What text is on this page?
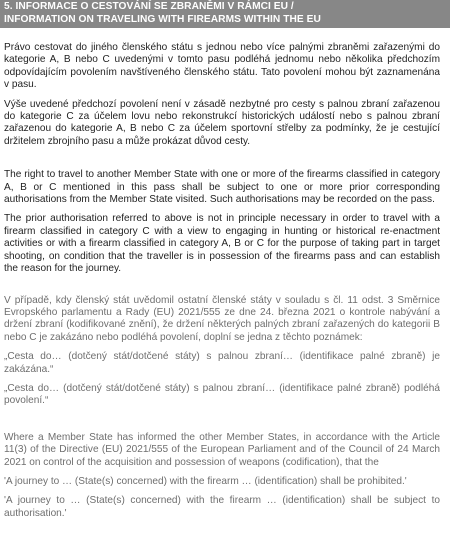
5. INFORMACE O CESTOVÁNÍ SE ZBRANĚMI V RÁMCI EU /
INFORMATION ON TRAVELING WITH FIREARMS WITHIN THE EU

Právo cestovat do jiného členského státu s jednou nebo více palnými zbraněmi zařazenými do kategorie A, B nebo C uvedenými v tomto pasu podléhá jednomu nebo několika předchozím odpovídajícím povolením navštíveného členského státu. Tato povolení mohou být zaznamenána v pasu.

Výše uvedené předchozí povolení není v zásadě nezbytné pro cesty s palnou zbraní zařazenou do kategorie C za účelem lovu nebo rekonstrukcí historických událostí nebo s palnou zbraní zařazenou do kategorie A, B nebo C za účelem sportovní střelby za podmínky, že je cestující držitelem zbrojního pasu a může prokázat důvod cesty.

The right to travel to another Member State with one or more of the firearms classified in category A, B or C mentioned in this pass shall be subject to one or more prior corresponding authorisations from the Member State visited. Such authorisations may be recorded on the pass.

The prior authorisation referred to above is not in principle necessary in order to travel with a firearm classified in category C with a view to engaging in hunting or historical re-enactment activities or with a firearm classified in category A, B or C for the purpose of taking part in target shooting, on condition that the traveller is in possession of the firearms pass and can establish the reason for the journey.

V případě, kdy členský stát uvědomil ostatní členské státy v souladu s čl. 11 odst. 3 Směrnice Evropského parlamentu a Rady (EU) 2021/555 ze dne 24. března 2021 o kontrole nabývání a držení zbraní (kodifikované znění), že držení některých palných zbraní zařazených do kategorii B nebo C je zakázáno nebo podléhá povolení, doplní se jedna z těchto poznámek:

„Cesta do… (dotčený stát/dotčené státy) s palnou zbraní… (identifikace palné zbraně) je zakázána.“

„Cesta do… (dotčený stát/dotčené státy) s palnou zbraní… (identifikace palné zbraně) podléhá povolení.“

Where a Member State has informed the other Member States, in accordance with the Article 11(3) of the Directive (EU) 2021/555 of the European Parliament and of the Council of 24 March 2021 on control of the acquisition and possession of weapons (codification), that the

'A journey to … (State(s) concerned) with the firearm … (identification) shall be prohibited.'

'A journey to … (State(s) concerned) with the firearm … (identification) shall be subject to authorisation.'
